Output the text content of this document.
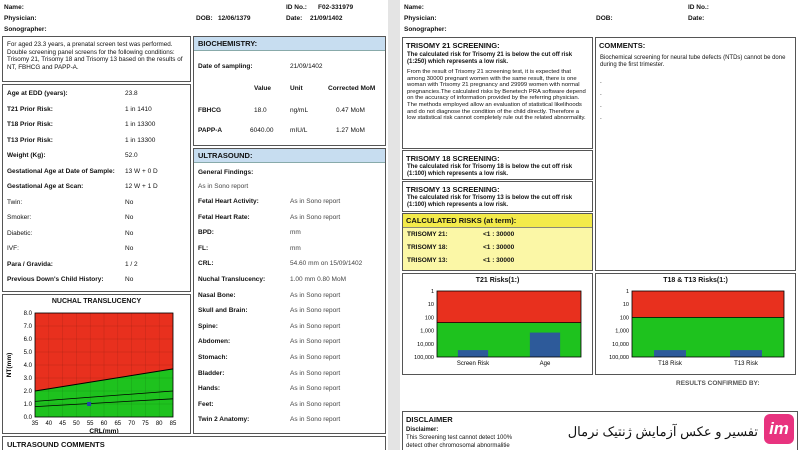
Name:	ID No.: F02-331979
Physician:	DOB: 12/06/1379	Date: 21/09/1402
Sonographer:
For aged 23.3 years, a prenatal screen test was performed. Double screening panel screens for the following conditions: Trisomy 21, Trisomy 18 and Trisomy 13 based on the results of NT, FBHCG and PAPP-A.
Age at EDD (years):	23.8
T21 Prior Risk:	1 in 1410
T18 Prior Risk:	1 in 13300
T13 Prior Risk:	1 in 13300
Weight (Kg):	52.0
Gestational Age at Date of Sample: 13 W + 0 D
Gestational Age at Scan:	12 W + 1 D
Twin:	No
Smoker:	No
Diabetic:	No
IVF:	No
Para / Gravida:	1 / 2
Previous Down's Child History:	No
NUCHAL TRANSLUCENCY
0.0
1.0
2.0
3.0
4.0
5.0
6.0
7.0
8.0
35 40 45 50 55 60 65 70 75 80 85
CRL(mm)
NT(mm)
ULTRASOUND COMMENTS
BIOCHEMISTRY:
Date of sampling:	21/09/1402
Value	Unit	Corrected MoM
FBHCG	18.0	ng/mL	0.47 MoM
PAPP-A	6040.00	mIU/L	1.27 MoM
ULTRASOUND:
General Findings:
As in Sono report
Fetal Heart Activity:	As in Sono report
Fetal Heart Rate:	As in Sono report
BPD:	mm
FL:	mm
CRL:	54.60 mm on 15/09/1402
Nuchal Translucency:	1.00 mm 0.80 MoM
Nasal Bone:	As in Sono report
Skull and Brain:	As in Sono report
Spine:	As in Sono report
Abdomen:	As in Sono report
Stomach:	As in Sono report
Bladder:	As in Sono report
Hands:	As in Sono report
Feet:	As in Sono report
Twin 2 Anatomy:	As in Sono report
Name:	ID No.:
Physician:	DOB:	Date:
Sonographer:
TRISOMY 21 SCREENING:
The calculated risk for Trisomy 21 is below the cut off risk (1:250) which represents a low risk.
From the result of Trisomy 21 screening test, it is expected that among 30000 pregnant women with the same result, there is one woman with Trisomy 21 pregnancy and 29999 women with normal pregnancies.The calculated risks by Benetech PRA software depend on the accuracy of information provided by the referring physician. The methods employed allow an evaluation of statistical likelihoods and do not diagnose the condition of the child directly. Therefore a low statistical risk cannot completely rule out the related abnormality.
TRISOMY 18 SCREENING:
The calculated risk for Trisomy 18 is below the cut off risk (1:100) which represents a low risk.
TRISOMY 13 SCREENING:
The calculated risk for Trisomy 13 is below the cut off risk (1:100) which represents a low risk.
CALCULATED RISKS (at term):
TRISOMY 21:	<1 : 30000
TRISOMY 18:	<1 : 30000
TRISOMY 13:	<1 : 30000
COMMENTS:
Biochemical screening for neural tube defects (NTDs) cannot be done during the first trimester.
.
.
.
.
T21 Risks(1:)
1
10
100
1,000
10,000
100,000
Screen Risk	Age
T18 & T13 Risks(1:)
1
10
100
1,000
10,000
100,000
T18 Risk	T13 Risk
RESULTS CONFIRMED BY:
DISCLAIMER
Disclaimer:
This Screening test cannot detect 100%
detect other chromosomal abnormalitie
تفسیر و عکس آزمایش ژنتیک نرمال im
